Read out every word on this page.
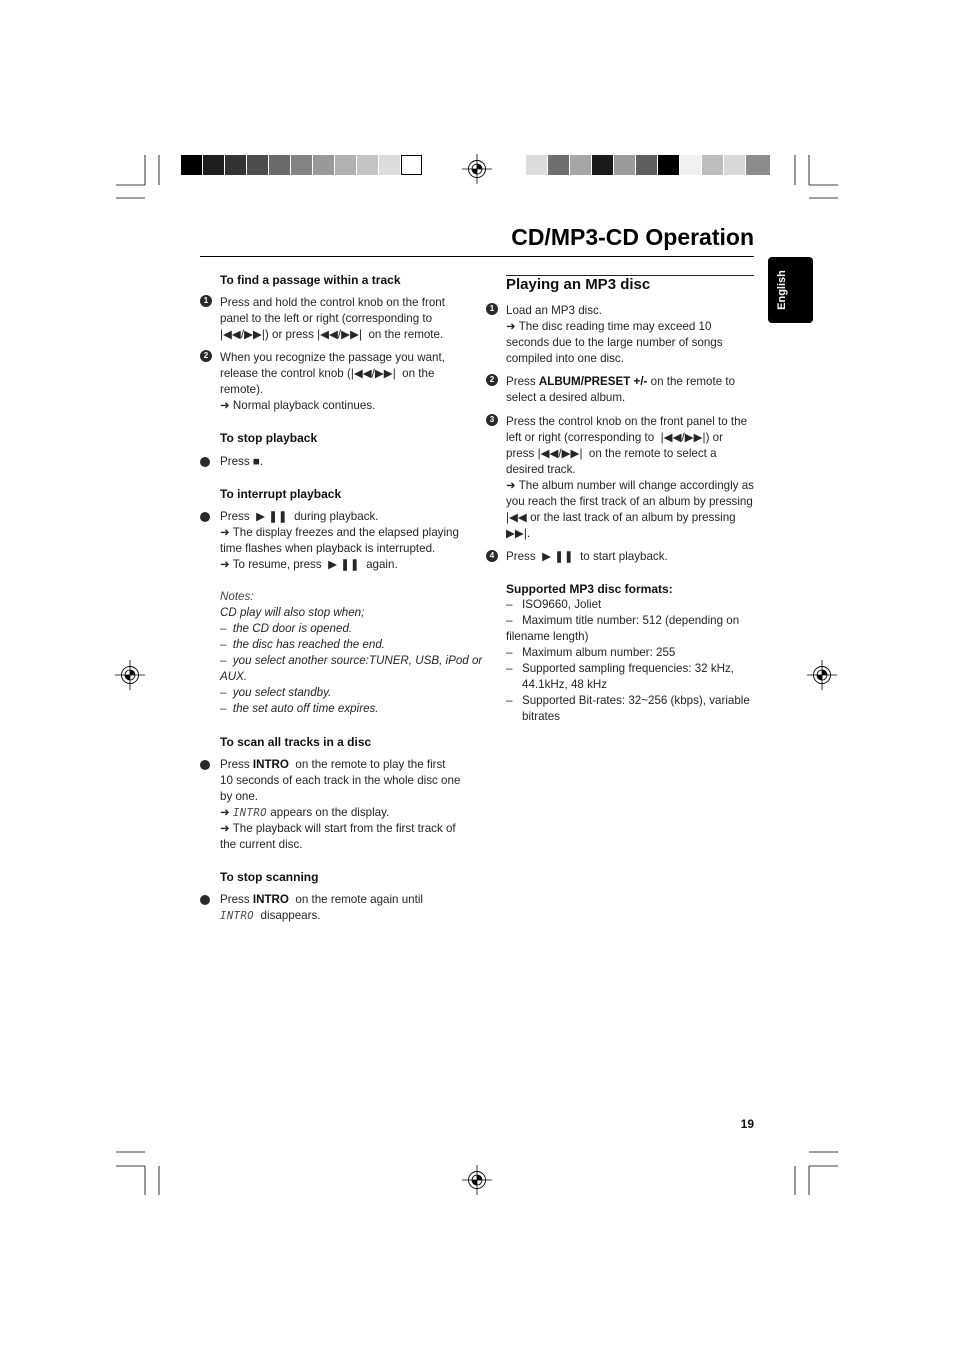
CD/MP3-CD Operation
English
To find a passage within a track
1	Press and hold the control knob on the front
panel to the left or right (corresponding to
|◀◀/▶▶|) or press |◀◀/▶▶|  on the remote.
2	When you recognize the passage you want,
release the control knob (|◀◀/▶▶|  on the
remote).
➜ Normal playback continues.
To stop playback
Press ■.
To interrupt playback
Press  ▶ ❚❚  during playback.
➜ The display freezes and the elapsed playing
time flashes when playback is interrupted.
➜ To resume, press  ▶ ❚❚  again.
Notes:
CD play will also stop when;
–  the CD door is opened.
–  the disc has reached the end.
–  you select another source:TUNER, USB, iPod or
AUX.
–  you select standby.
–  the set auto off time expires.
To scan all tracks in a disc
Press INTRO  on the remote to play the first
10 seconds of each track in the whole disc one
by one.
➜ INTRO appears on the display.
➜ The playback will start from the first track of
the current disc.
To stop scanning
Press INTRO  on the remote again until
INTRO  disappears.
Playing an MP3 disc
1	Load an MP3 disc.
➜ The disc reading time may exceed 10
seconds due to the large number of songs
compiled into one disc.
2	Press ALBUM/PRESET +/- on the remote to
select a desired album.
3	Press the control knob on the front panel to the
left or right (corresponding to  |◀◀/▶▶|) or
press |◀◀/▶▶|  on the remote to select a
desired track.
➜ The album number will change accordingly as
you reach the first track of an album by pressing
|◀◀ or the last track of an album by pressing
▶▶|.
4	Press  ▶ ❚❚  to start playback.
Supported MP3 disc formats:
– ISO9660, Joliet
– Maximum title number: 512 (depending on
filename length)
– Maximum album number: 255
– Supported sampling frequencies: 32 kHz,
44.1kHz, 48 kHz
– Supported Bit-rates: 32~256 (kbps), variable
bitrates
19
